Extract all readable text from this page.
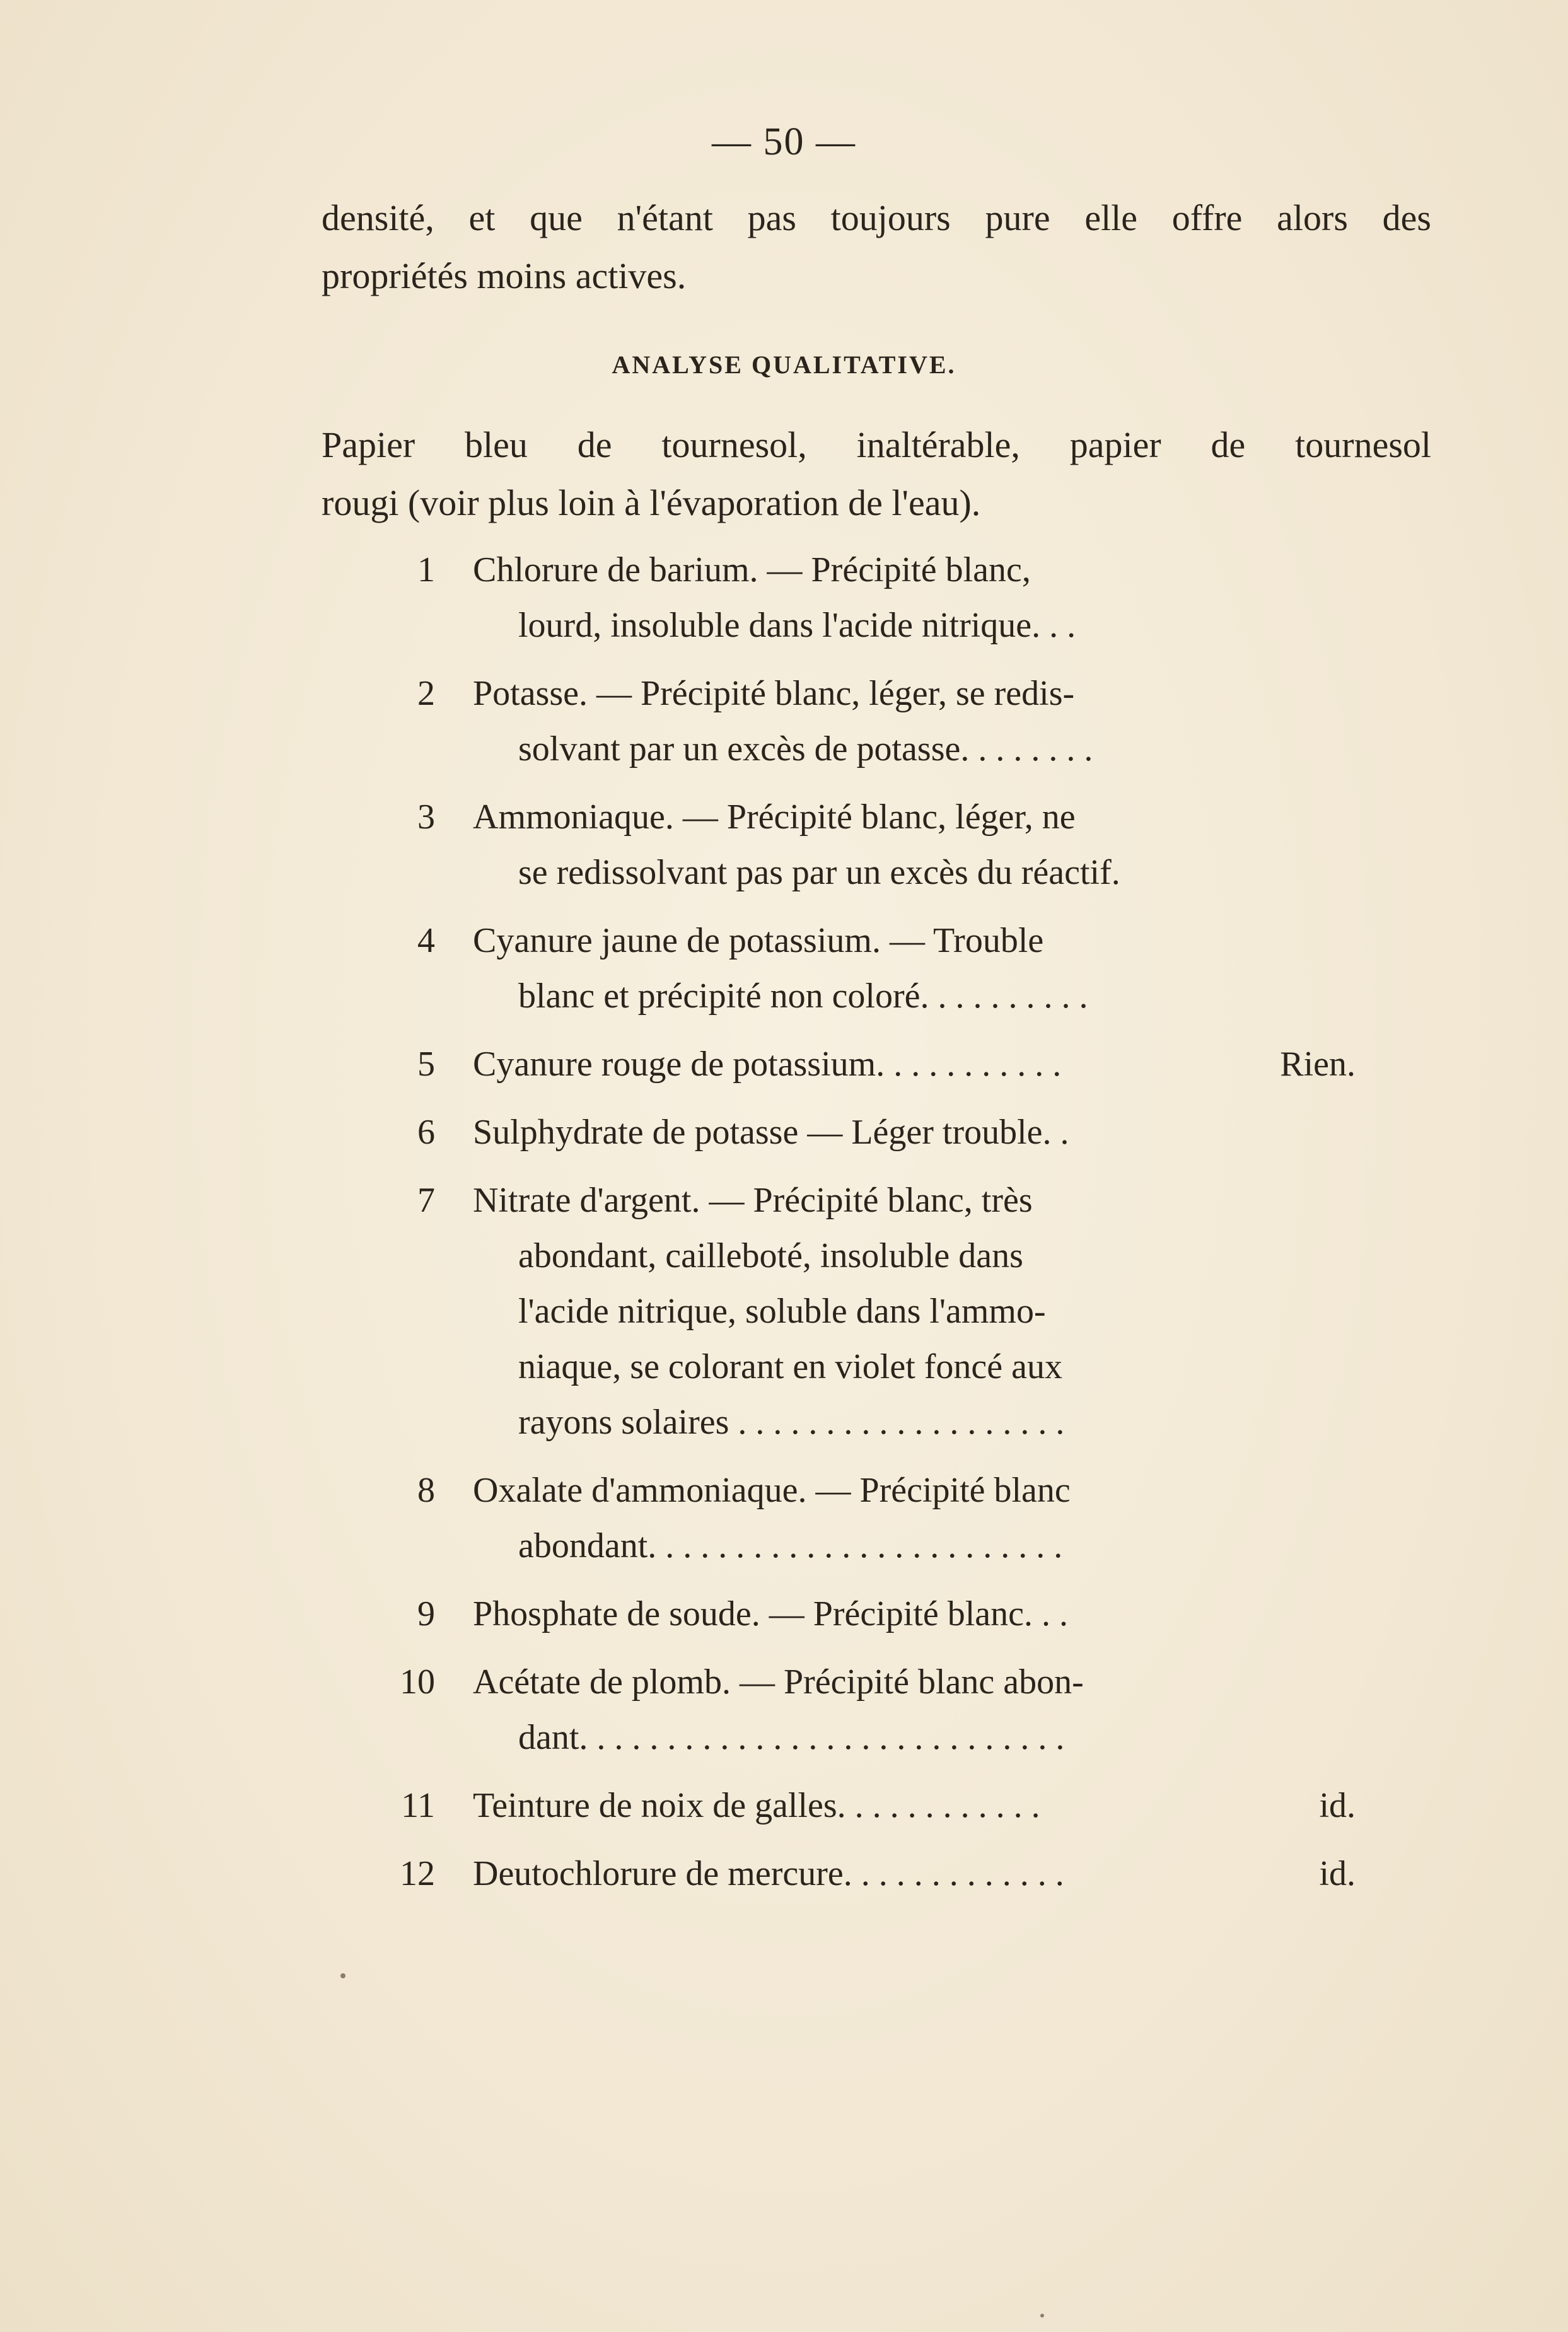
— 50 —
densité, et que n'étant pas toujours pure elle offre alors des
propriétés moins actives.
ANALYSE QUALITATIVE.
Papier bleu de tournesol, inaltérable, papier de tournesol
rougi (voir plus loin à l'évaporation de l'eau).
1 Chlorure de barium. — Précipité blanc,
lourd, insoluble dans l'acide nitrique. . .
2 Potasse. — Précipité blanc, léger, se redis-
solvant par un excès de potasse. . . . . . . .
3 Ammoniaque. — Précipité blanc, léger, ne
se redissolvant pas par un excès du réactif.
4 Cyanure jaune de potassium. — Trouble
blanc et précipité non coloré. . . . . . . . . .
5 Cyanure rouge de potassium. . . . . . . . . . .	Rien.
6 Sulphydrate de potasse — Léger trouble. .
7 Nitrate d'argent. — Précipité blanc, très
abondant, cailleboté, insoluble dans
l'acide nitrique, soluble dans l'ammo-
niaque, se colorant en violet foncé aux
rayons solaires . . . . . . . . . . . . . . . . . . .
8 Oxalate d'ammoniaque. — Précipité blanc
abondant. . . . . . . . . . . . . . . . . . . . . . . .
9 Phosphate de soude. — Précipité blanc. . .
10 Acétate de plomb. — Précipité blanc abon-
dant. . . . . . . . . . . . . . . . . . . . . . . . . . . .
11 Teinture de noix de galles. . . . . . . . . . . .	id.
12 Deutochlorure de mercure. . . . . . . . . . . . .	id.
